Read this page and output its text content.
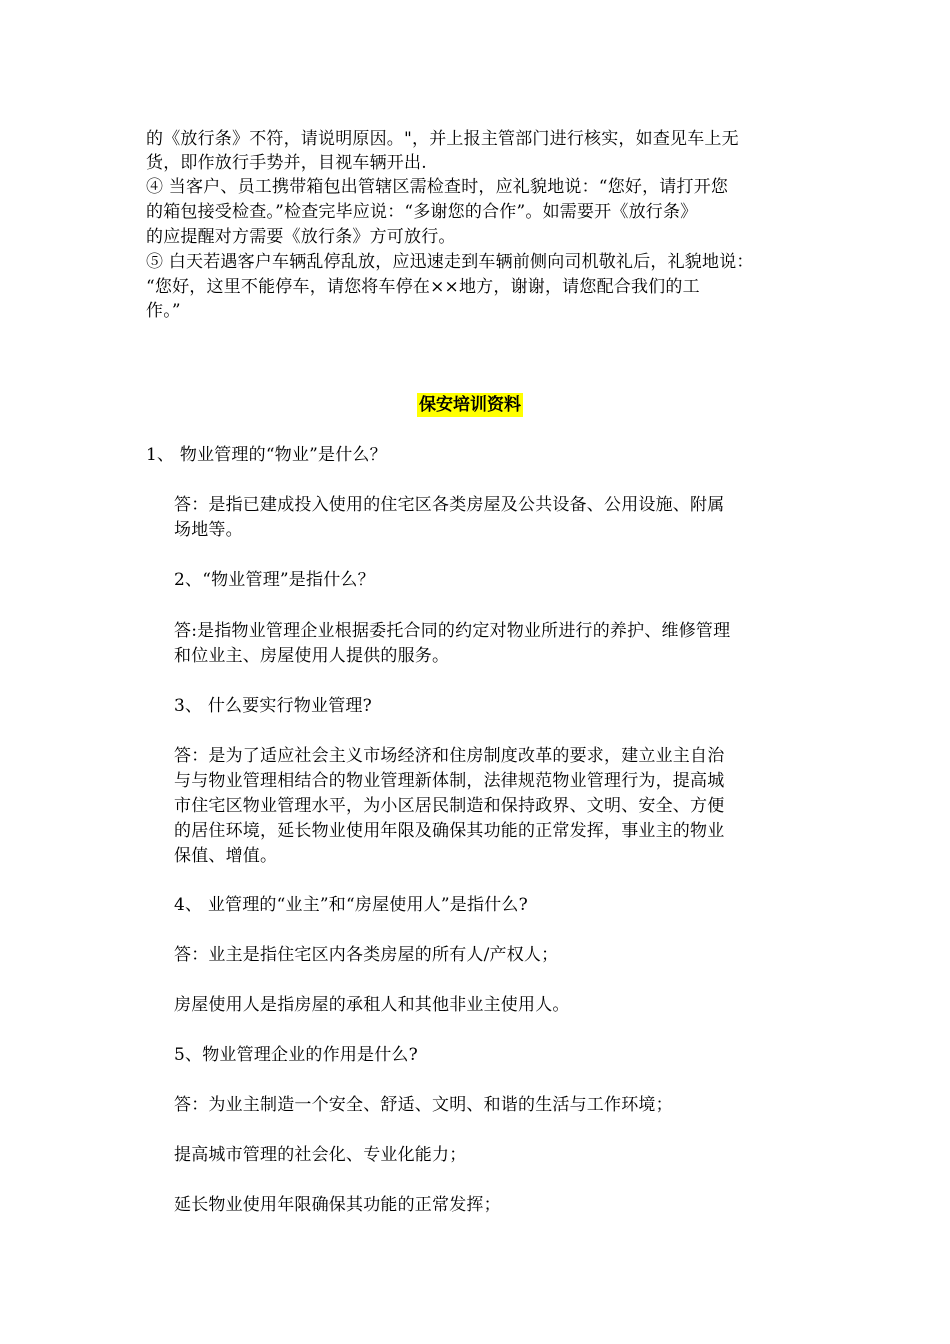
的《放行条》不符，请说明原因。"，并上报主管部门进行核实，如查见车上无
货，即作放行手势并，目视车辆开出.
④ 当客户、员工携带箱包出管辖区需检查时，应礼貌地说：“您好，请打开您
的箱包接受检查。”检查完毕应说：“多谢您的合作”。如需要开《放行条》
的应提醒对方需要《放行条》方可放行。
⑤ 白天若遇客户车辆乱停乱放，应迅速走到车辆前侧向司机敬礼后，礼貌地说：
“您好，这里不能停车，请您将车停在××地方，谢谢，请您配合我们的工
作。”
保安培训资料
1、 物业管理的“物业”是什么？
答：是指已建成投入使用的住宅区各类房屋及公共设备、公用设施、附属
场地等。
2、“物业管理”是指什么？
答:是指物业管理企业根据委托合同的约定对物业所进行的养护、维修管理
和位业主、房屋使用人提供的服务。
3、 什么要实行物业管理?
答：是为了适应社会主义市场经济和住房制度改革的要求，建立业主自治
与与物业管理相结合的物业管理新体制，法律规范物业管理行为，提高城
市住宅区物业管理水平，为小区居民制造和保持政界、文明、安全、方便
的居住环境，延长物业使用年限及确保其功能的正常发挥，事业主的物业
保值、增值。
4、 业管理的“业主”和“房屋使用人”是指什么?
答：业主是指住宅区内各类房屋的所有人/产权人；
房屋使用人是指房屋的承租人和其他非业主使用人。
5、物业管理企业的作用是什么?
答：为业主制造一个安全、舒适、文明、和谐的生活与工作环境；
提高城市管理的社会化、专业化能力；
延长物业使用年限确保其功能的正常发挥；
